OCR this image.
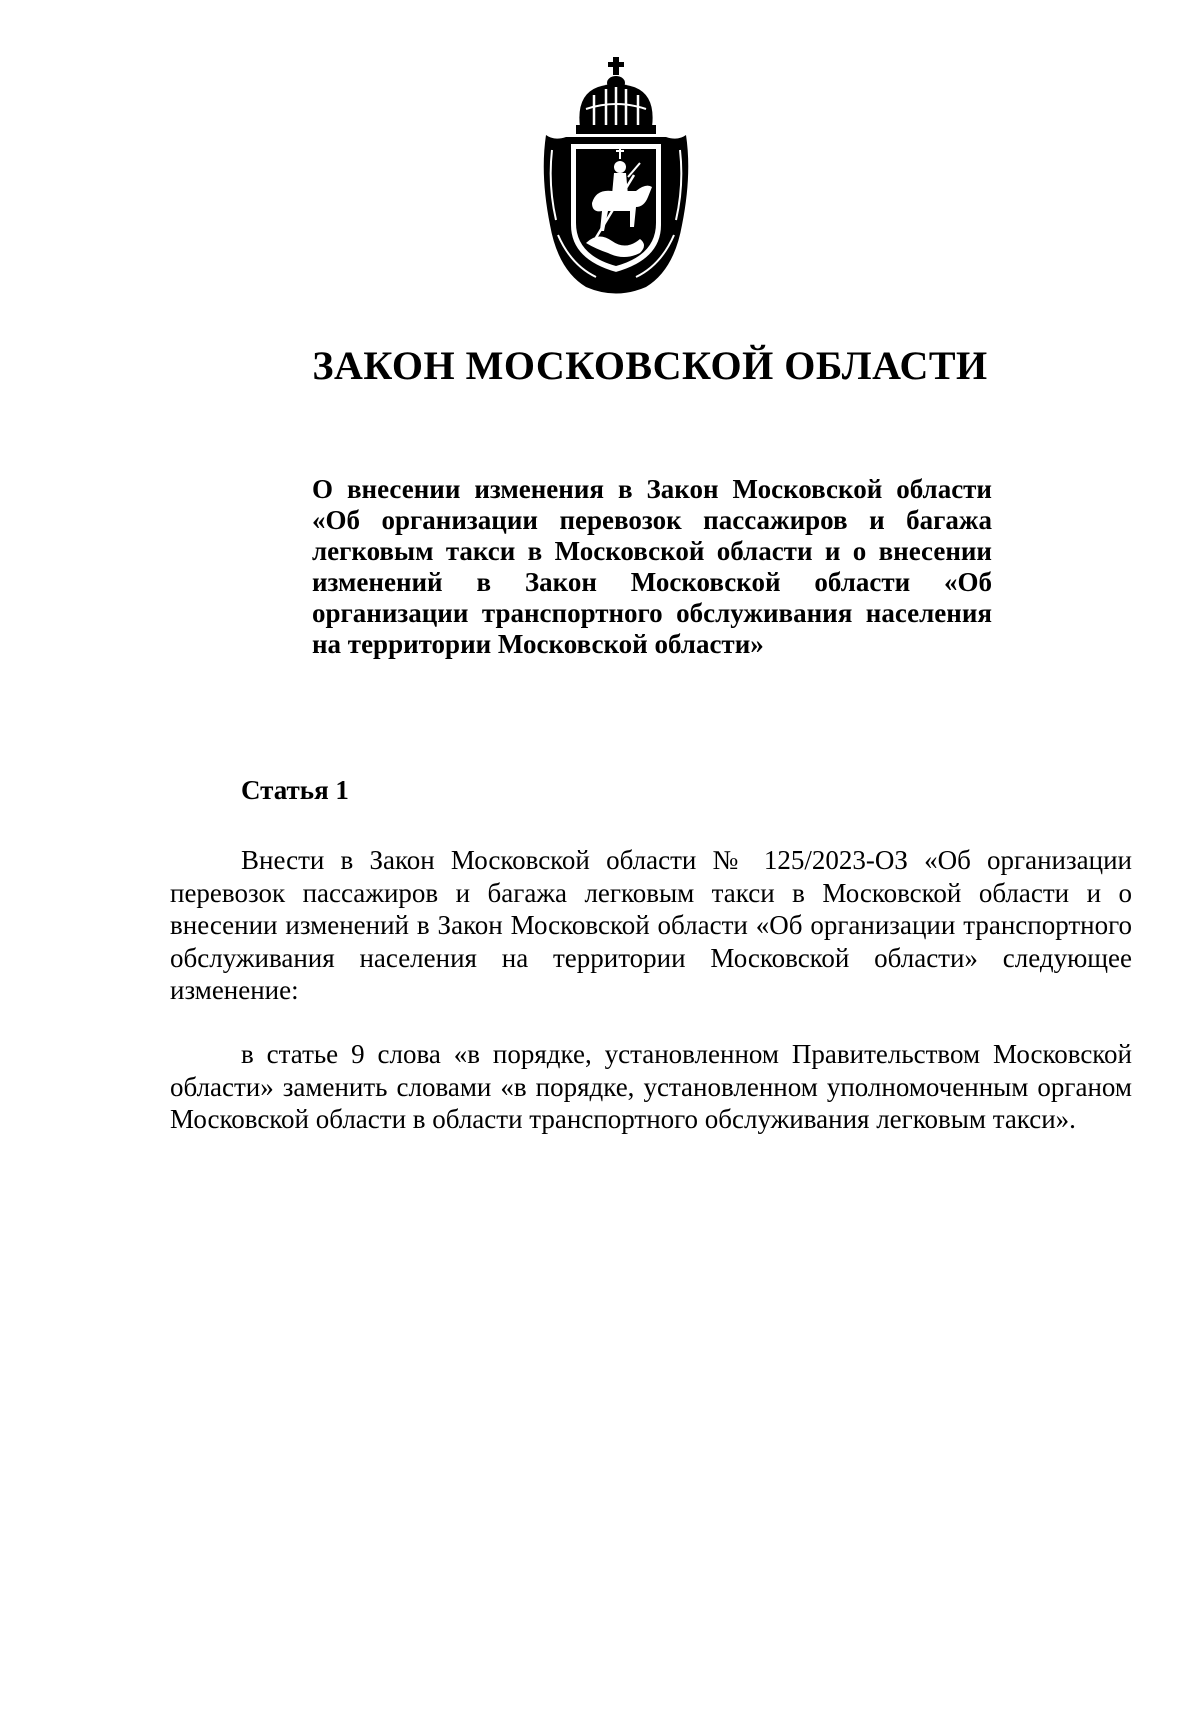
ЗАКОН МОСКОВСКОЙ ОБЛАСТИ

О внесении изменения в Закон Московской области «Об организации перевозок пассажиров и багажа легковым такси в Московской области и о внесении изменений в Закон Московской области «Об организации транспортного обслуживания населения на территории Московской области»

Статья 1

Внести в Закон Московской области № 125/2023-ОЗ «Об организации перевозок пассажиров и багажа легковым такси в Московской области и о внесении изменений в Закон Московской области «Об организации транспортного обслуживания населения на территории Московской области» следующее изменение:

в статье 9 слова «в порядке, установленном Правительством Московской области» заменить словами «в порядке, установленном уполномоченным органом Московской области в области транспортного обслуживания легковым такси».
